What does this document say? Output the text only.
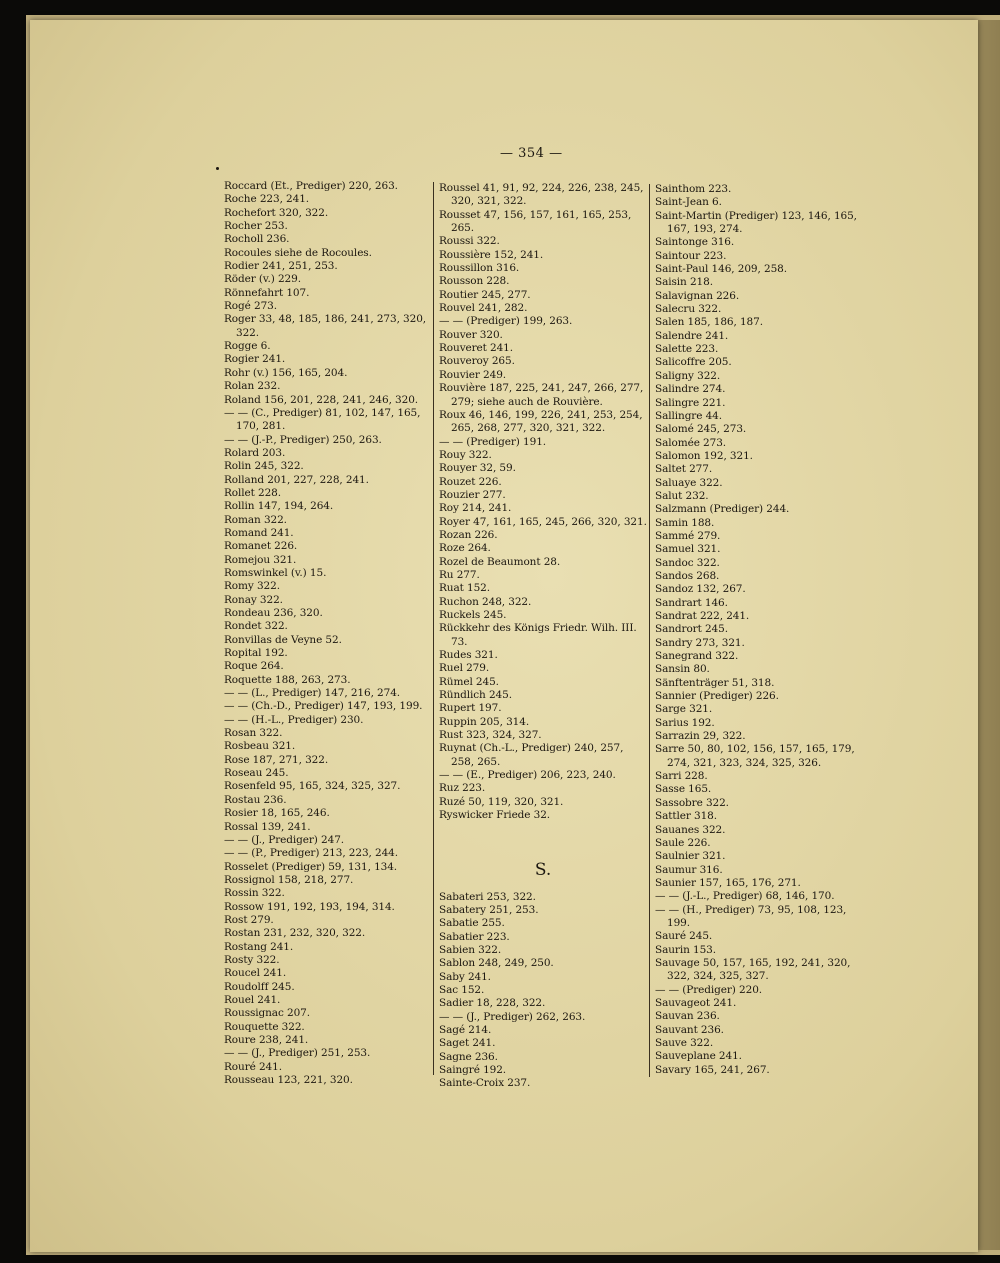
— 354 —
Roccard (Et., Prediger) 220, 263.
Roche 223, 241.
Rochefort 320, 322.
Rocher 253.
Rocholl 236.
Rocoules siehe de Rocoules.
Rodier 241, 251, 253.
Röder (v.) 229.
Rönnefahrt 107.
Rogé 273.
Roger 33, 48, 185, 186, 241, 273, 320, 322.
Rogge 6.
Rogier 241.
Rohr (v.) 156, 165, 204.
Rolan 232.
Roland 156, 201, 228, 241, 246, 320.
— — (C., Prediger) 81, 102, 147, 165, 170, 281.
— — (J.-P., Prediger) 250, 263.
Rolard 203.
Rolin 245, 322.
Rolland 201, 227, 228, 241.
Rollet 228.
Rollin 147, 194, 264.
Roman 322.
Romand 241.
Romanet 226.
Romejou 321.
Romswinkel (v.) 15.
Romy 322.
Ronay 322.
Rondeau 236, 320.
Rondet 322.
Ronvillas de Veyne 52.
Ropital 192.
Roque 264.
Roquette 188, 263, 273.
— — (L., Prediger) 147, 216, 274.
— — (Ch.-D., Prediger) 147, 193, 199.
— — (H.-L., Prediger) 230.
Rosan 322.
Rosbeau 321.
Rose 187, 271, 322.
Roseau 245.
Rosenfeld 95, 165, 324, 325, 327.
Rostau 236.
Rosier 18, 165, 246.
Rossal 139, 241.
— — (J., Prediger) 247.
— — (P., Prediger) 213, 223, 244.
Rosselet (Prediger) 59, 131, 134.
Rossignol 158, 218, 277.
Rossin 322.
Rossow 191, 192, 193, 194, 314.
Rost 279.
Rostan 231, 232, 320, 322.
Rostang 241.
Rosty 322.
Roucel 241.
Roudolff 245.
Rouel 241.
Roussignac 207.
Rouquette 322.
Roure 238, 241.
— — (J., Prediger) 251, 253.
Rouré 241.
Rousseau 123, 221, 320.
Roussel 41, 91, 92, 224, 226, 238, 245, 320, 321, 322.
Rousset 47, 156, 157, 161, 165, 253, 265.
Roussi 322.
Roussière 152, 241.
Roussillon 316.
Rousson 228.
Routier 245, 277.
Rouvel 241, 282.
— — (Prediger) 199, 263.
Rouver 320.
Rouveret 241.
Rouveroy 265.
Rouvier 249.
Rouvière 187, 225, 241, 247, 266, 277, 279; siehe auch de Rouvière.
Roux 46, 146, 199, 226, 241, 253, 254, 265, 268, 277, 320, 321, 322.
— — (Prediger) 191.
Rouy 322.
Rouyer 32, 59.
Rouzet 226.
Rouzier 277.
Roy 214, 241.
Royer 47, 161, 165, 245, 266, 320, 321.
Rozan 226.
Roze 264.
Rozel de Beaumont 28.
Ru 277.
Ruat 152.
Ruchon 248, 322.
Ruckels 245.
Rückkehr des Königs Friedr. Wilh. III. 73.
Rudes 321.
Ruel 279.
Rümel 245.
Ründlich 245.
Rupert 197.
Ruppin 205, 314.
Rust 323, 324, 327.
Ruynat (Ch.-L., Prediger) 240, 257, 258, 265.
— — (E., Prediger) 206, 223, 240.
Ruz 223.
Ruzé 50, 119, 320, 321.
Ryswicker Friede 32.
S.
Sabateri 253, 322.
Sabatery 251, 253.
Sabatie 255.
Sabatier 223.
Sabien 322.
Sablon 248, 249, 250.
Saby 241.
Sac 152.
Sadier 18, 228, 322.
— — (J., Prediger) 262, 263.
Sagé 214.
Saget 241.
Sagne 236.
Saingré 192.
Sainte-Croix 237.
Sainthom 223.
Saint-Jean 6.
Saint-Martin (Prediger) 123, 146, 165, 167, 193, 274.
Saintonge 316.
Saintour 223.
Saint-Paul 146, 209, 258.
Saisin 218.
Salavignan 226.
Salecru 322.
Salen 185, 186, 187.
Salendre 241.
Salette 223.
Salicoffre 205.
Saligny 322.
Salindre 274.
Salingre 221.
Sallingre 44.
Salomé 245, 273.
Salomée 273.
Salomon 192, 321.
Saltet 277.
Saluaye 322.
Salut 232.
Salzmann (Prediger) 244.
Samin 188.
Sammé 279.
Samuel 321.
Sandoc 322.
Sandos 268.
Sandoz 132, 267.
Sandrart 146.
Sandrat 222, 241.
Sandrort 245.
Sandry 273, 321.
Sanegrand 322.
Sansin 80.
Sänftenträger 51, 318.
Sannier (Prediger) 226.
Sarge 321.
Sarius 192.
Sarrazin 29, 322.
Sarre 50, 80, 102, 156, 157, 165, 179, 274, 321, 323, 324, 325, 326.
Sarri 228.
Sasse 165.
Sassobre 322.
Sattler 318.
Sauanes 322.
Saule 226.
Saulnier 321.
Saumur 316.
Saunier 157, 165, 176, 271.
— — (J.-L., Prediger) 68, 146, 170.
— — (H., Prediger) 73, 95, 108, 123, 199.
Sauré 245.
Saurin 153.
Sauvage 50, 157, 165, 192, 241, 320, 322, 324, 325, 327.
— — (Prediger) 220.
Sauvageot 241.
Sauvan 236.
Sauvant 236.
Sauve 322.
Sauveplane 241.
Savary 165, 241, 267.
